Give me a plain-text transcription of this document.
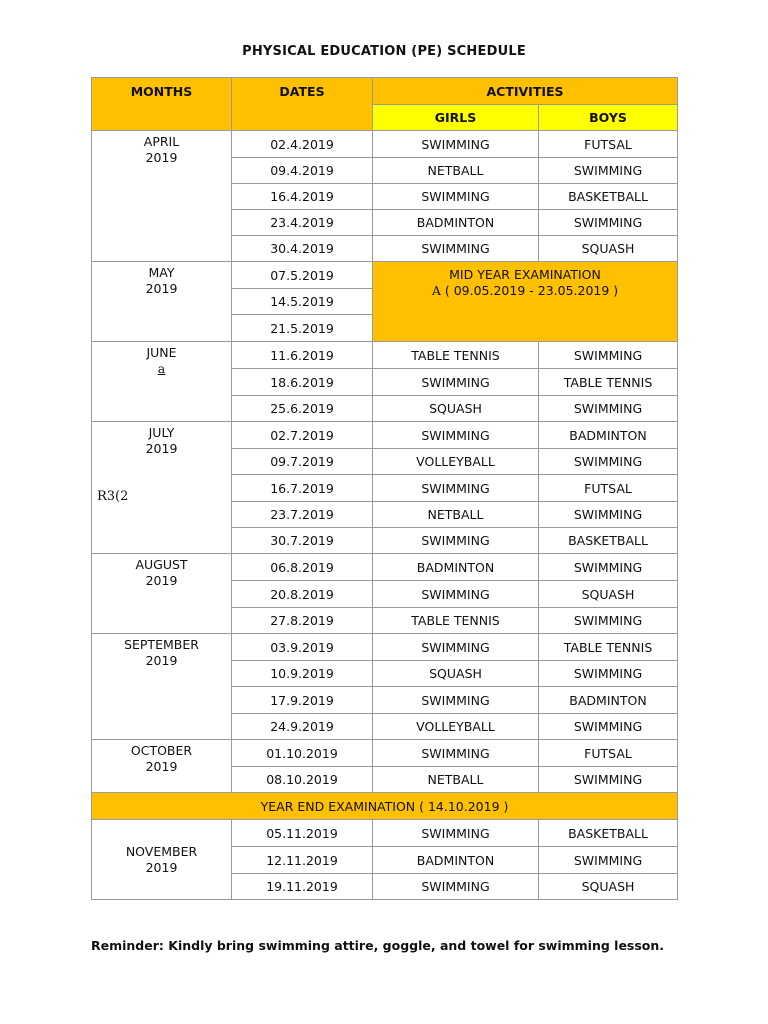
PHYSICAL EDUCATION (PE) SCHEDULE
MONTHS	DATES	ACTIVITIES	
		GIRLS	BOYS
APRIL
2019	02.4.2019	SWIMMING	FUTSAL
	09.4.2019	NETBALL	SWIMMING
	16.4.2019	SWIMMING	BASKETBALL
	23.4.2019	BADMINTON	SWIMMING
	30.4.2019	SWIMMING	SQUASH
MAY
2019	07.5.2019	MID YEAR EXAMINATION
A ( 09.05.2019 - 23.05.2019 )	
	14.5.2019		
	21.5.2019		
JUNE
a	11.6.2019	TABLE TENNIS	SWIMMING
	18.6.2019	SWIMMING	TABLE TENNIS
	25.6.2019	SQUASH	SWIMMING
JULY
2019	02.7.2019	SWIMMING	BADMINTON
	09.7.2019	VOLLEYBALL	SWIMMING
	16.7.2019	SWIMMING	FUTSAL
	23.7.2019	NETBALL	SWIMMING
	30.7.2019	SWIMMING	BASKETBALL
AUGUST
2019	06.8.2019	BADMINTON	SWIMMING
	20.8.2019	SWIMMING	SQUASH
	27.8.2019	TABLE TENNIS	SWIMMING
SEPTEMBER
2019	03.9.2019	SWIMMING	TABLE TENNIS
	10.9.2019	SQUASH	SWIMMING
	17.9.2019	SWIMMING	BADMINTON
	24.9.2019	VOLLEYBALL	SWIMMING
OCTOBER
2019	01.10.2019	SWIMMING	FUTSAL
	08.10.2019	NETBALL	SWIMMING
YEAR END EXAMINATION ( 14.10.2019 )			
NOVEMBER
2019	05.11.2019	SWIMMING	BASKETBALL
	12.11.2019	BADMINTON	SWIMMING
	19.11.2019	SWIMMING	SQUASH
R3(2
Reminder: Kindly bring swimming attire, goggle, and towel for swimming lesson.
